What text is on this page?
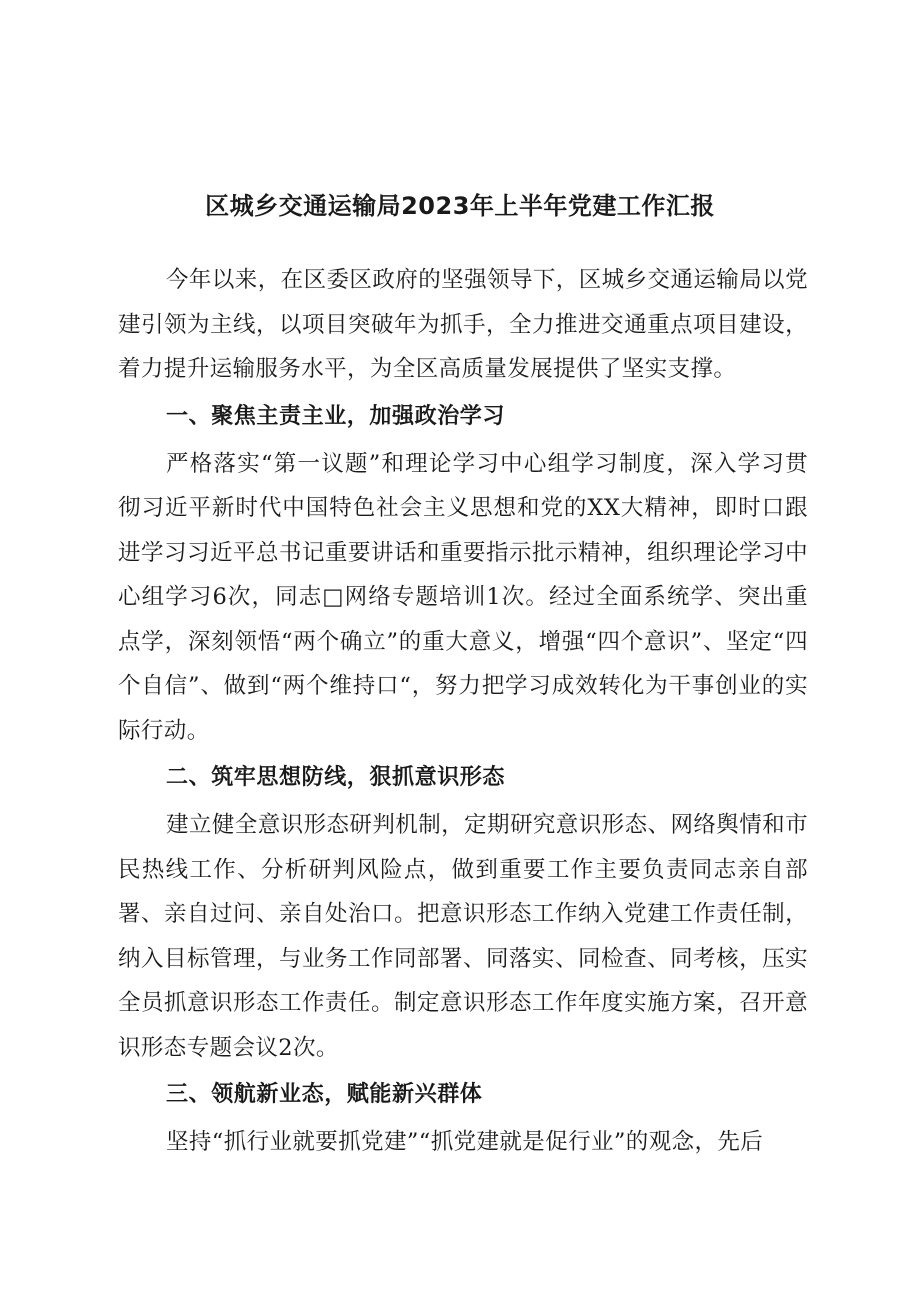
区城乡交通运输局2023年上半年党建工作汇报

今年以来，在区委区政府的坚强领导下，区城乡交通运输局以党建引领为主线，以项目突破年为抓手，全力推进交通重点项目建设，着力提升运输服务水平，为全区高质量发展提供了坚实支撑。

一、聚焦主责主业，加强政治学习

严格落实“第一议题”和理论学习中心组学习制度，深入学习贯彻习近平新时代中国特色社会主义思想和党的XX大精神，即时口跟进学习习近平总书记重要讲话和重要指示批示精神，组织理论学习中心组学习6次，同志□网络专题培训1次。经过全面系统学、突出重点学，深刻领悟“两个确立”的重大意义，增强“四个意识”、坚定“四个自信”、做到“两个维持口“，努力把学习成效转化为干事创业的实际行动。

二、筑牢思想防线，狠抓意识形态

建立健全意识形态研判机制，定期研究意识形态、网络舆情和市民热线工作、分析研判风险点，做到重要工作主要负责同志亲自部署、亲自过问、亲自处治口。把意识形态工作纳入党建工作责任制，纳入目标管理，与业务工作同部署、同落实、同检查、同考核，压实全员抓意识形态工作责任。制定意识形态工作年度实施方案，召开意识形态专题会议2次。

三、领航新业态，赋能新兴群体

坚持“抓行业就要抓党建”“抓党建就是促行业”的观念，先后
